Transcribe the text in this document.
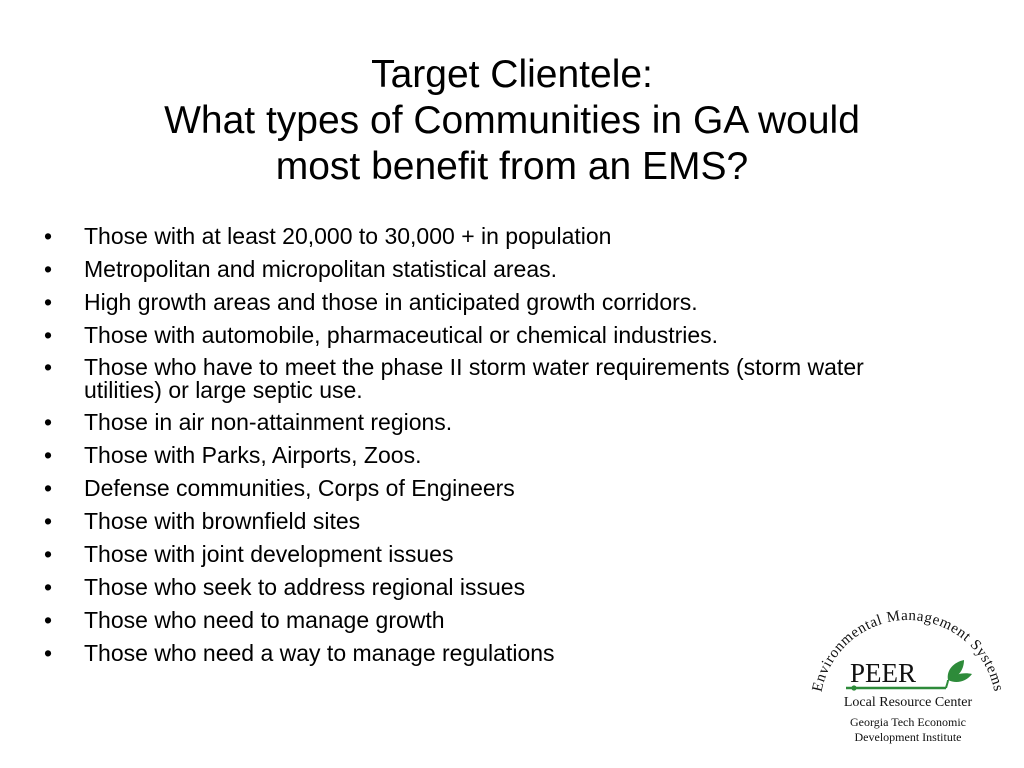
Target Clientele:
What types of Communities in GA would
most benefit from an EMS?
• Those with at least 20,000 to 30,000 + in population
• Metropolitan and micropolitan statistical areas.
• High growth areas and those in anticipated growth corridors.
• Those with automobile, pharmaceutical or chemical industries.
• Those who have to meet the phase II storm water requirements (storm water utilities) or large septic use.
• Those in air non-attainment regions.
• Those with Parks, Airports, Zoos.
• Defense communities, Corps of Engineers
• Those with brownfield sites
• Those with joint development issues
• Those who seek to address regional issues
• Those who need to manage growth
• Those who need a way to manage regulations
Environmental Management Systems
PEER
Local Resource Center
Georgia Tech Economic
Development Institute
